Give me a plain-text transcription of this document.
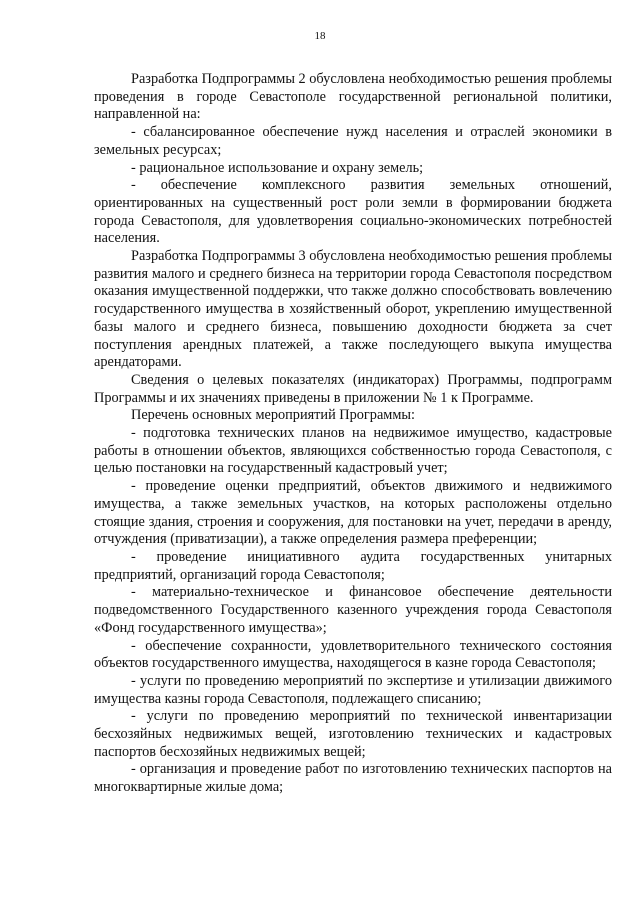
18

Разработка Подпрограммы 2 обусловлена необходимостью решения проблемы проведения в городе Севастополе государственной региональной политики, направленной на:

- сбалансированное обеспечение нужд населения и отраслей экономики в земельных ресурсах;

- рациональное использование и охрану земель;

- обеспечение комплексного развития земельных отношений, ориентированных на существенный рост роли земли в формировании бюджета города Севастополя, для удовлетворения социально-экономических потребностей населения.

Разработка Подпрограммы 3 обусловлена необходимостью решения проблемы развития малого и среднего бизнеса на территории города Севастополя посредством оказания имущественной поддержки, что также должно способствовать вовлечению государственного имущества в хозяйственный оборот, укреплению имущественной базы малого и среднего бизнеса, повышению доходности бюджета за счет поступления арендных платежей, а также последующего выкупа имущества арендаторами.

Сведения о целевых показателях (индикаторах) Программы, подпрограмм Программы и их значениях приведены в приложении № 1 к Программе.

Перечень основных мероприятий Программы:

- подготовка технических планов на недвижимое имущество, кадастровые работы в отношении объектов, являющихся собственностью города Севастополя, с целью постановки на государственный кадастровый учет;

- проведение оценки предприятий, объектов движимого и недвижимого имущества, а также земельных участков, на которых расположены отдельно стоящие здания, строения и сооружения, для постановки на учет, передачи в аренду, отчуждения (приватизации), а также определения размера преференции;

- проведение инициативного аудита государственных унитарных предприятий, организаций города Севастополя;

- материально-техническое и финансовое обеспечение деятельности подведомственного Государственного казенного учреждения города Севастополя «Фонд государственного имущества»;

- обеспечение сохранности, удовлетворительного технического состояния объектов государственного имущества, находящегося в казне города Севастополя;

- услуги по проведению мероприятий по экспертизе и утилизации движимого имущества казны города Севастополя, подлежащего списанию;

- услуги по проведению мероприятий по технической инвентаризации бесхозяйных недвижимых вещей, изготовлению технических и кадастровых паспортов бесхозяйных недвижимых вещей;

- организация и проведение работ по изготовлению технических паспортов на многоквартирные жилые дома;
